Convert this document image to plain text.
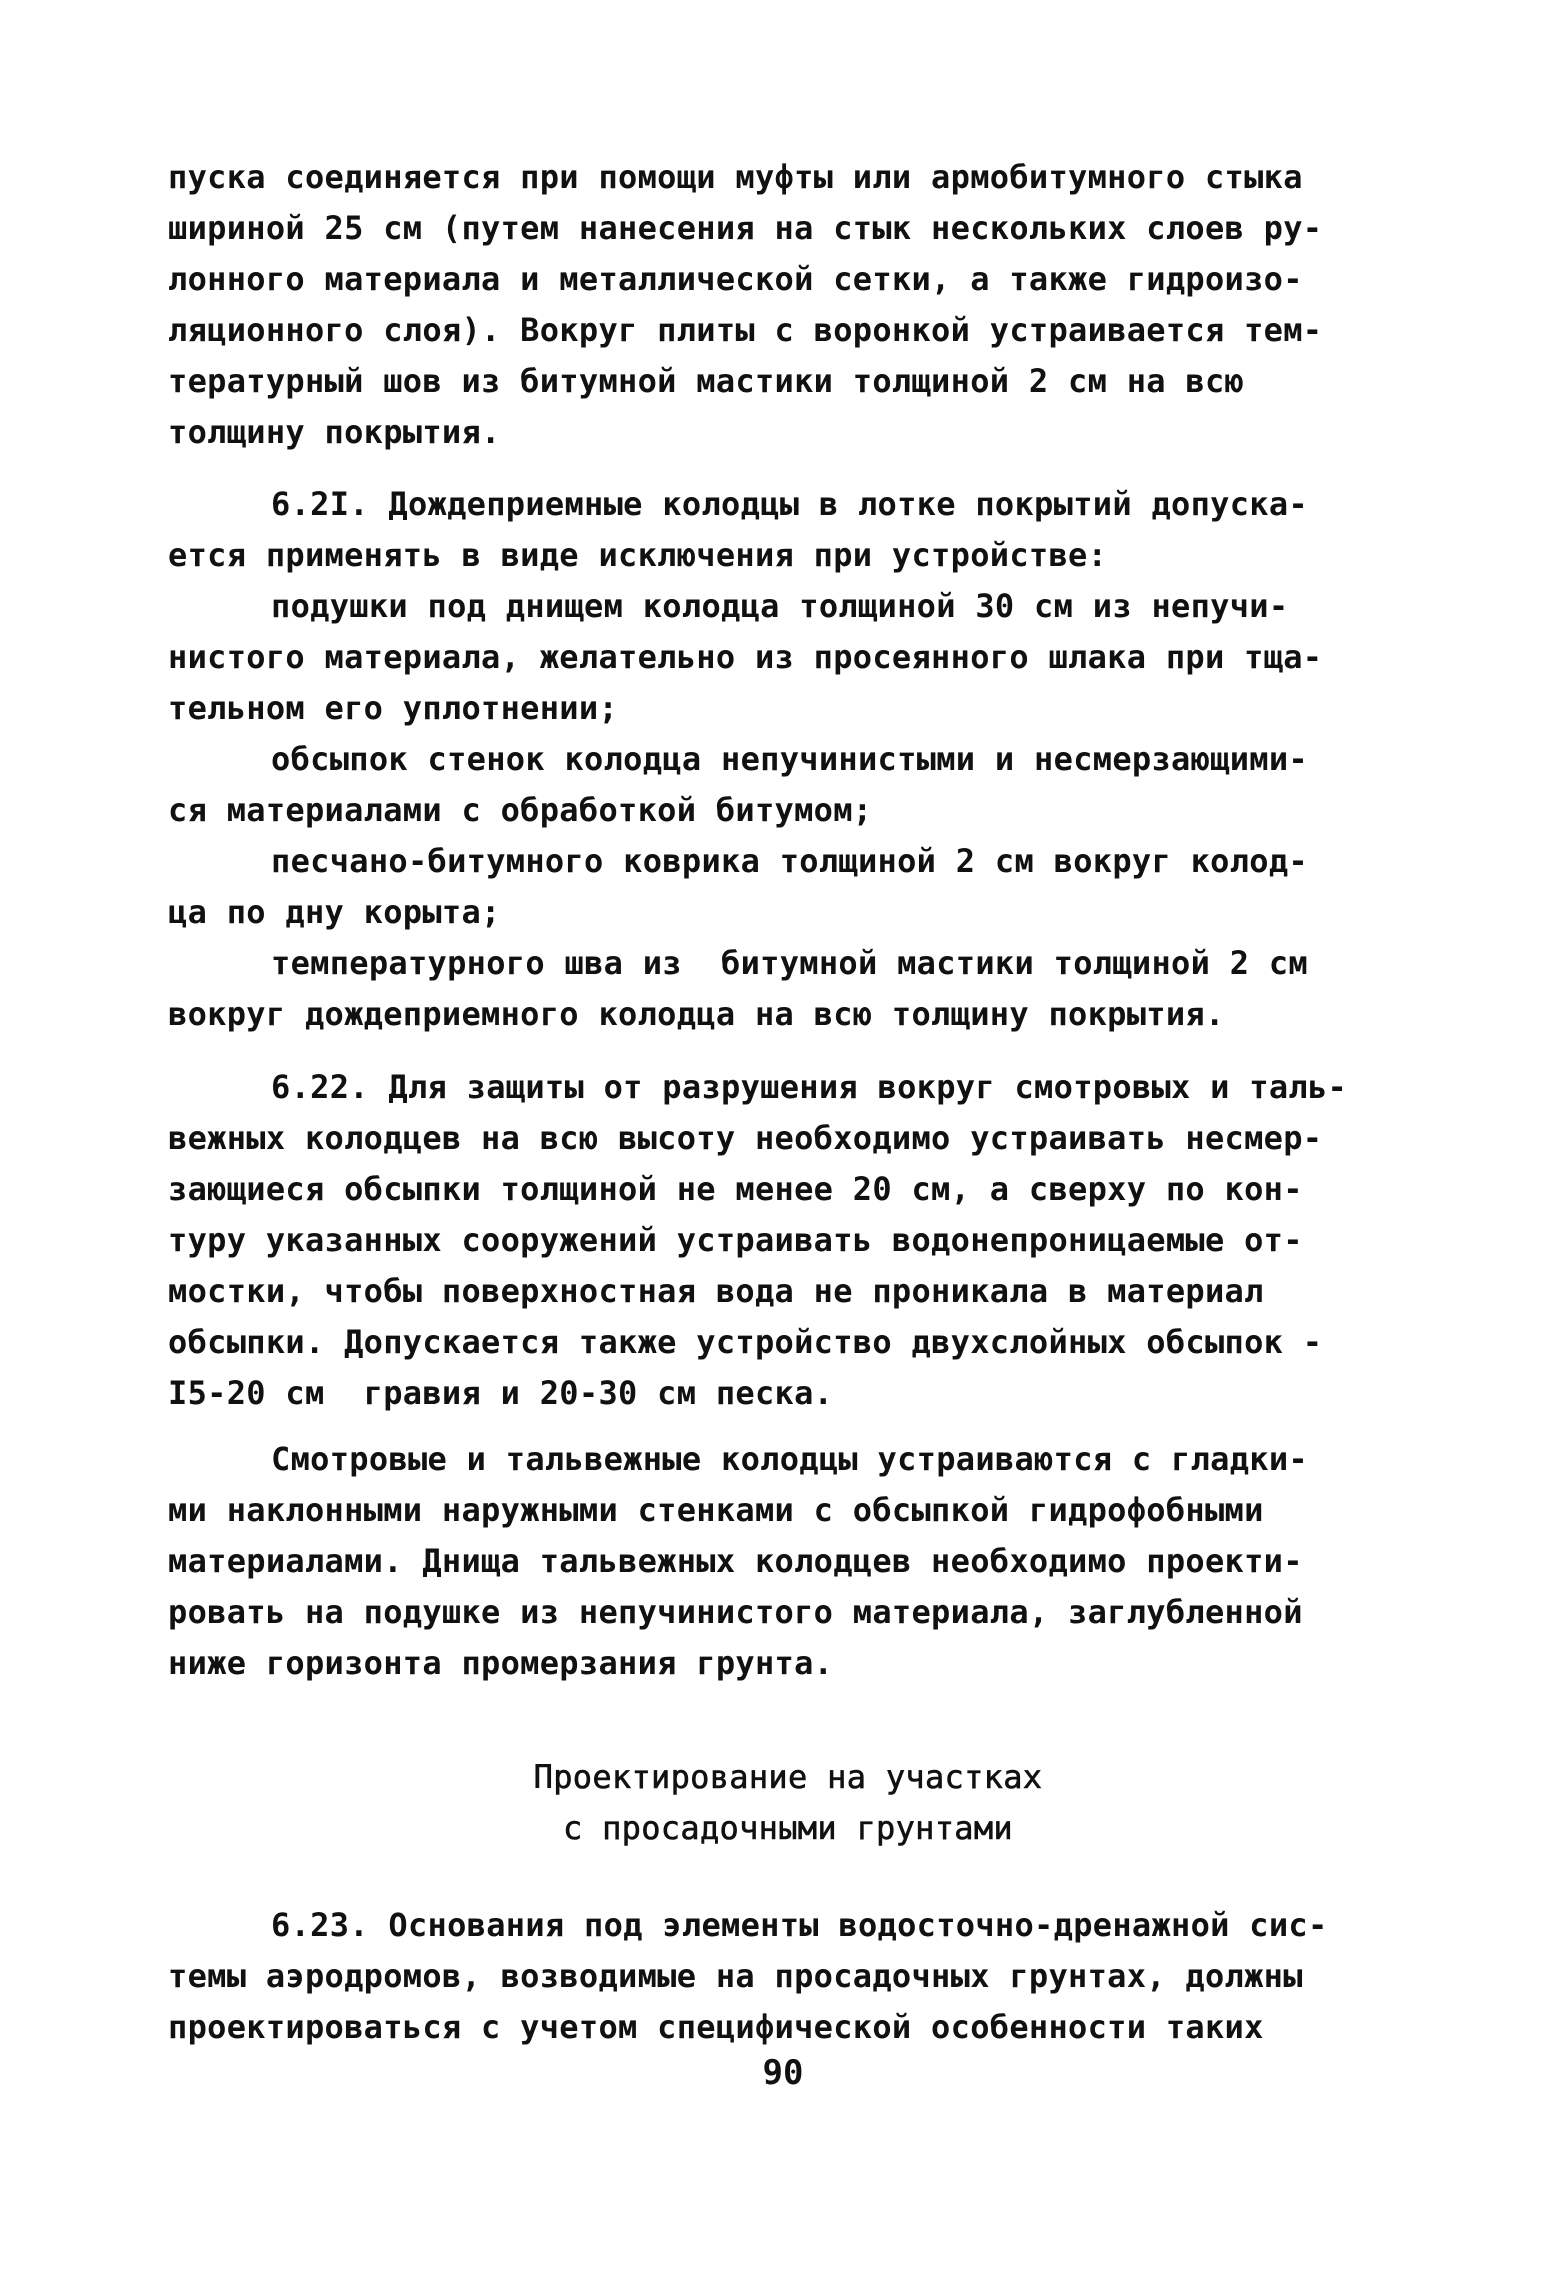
пуска соединяется при помощи муфты или армобитумного стыка
шириной 25 см (путем нанесения на стык нескольких слоев ру-
лонного материала и металлической сетки, а также гидроизо-
ляционного слоя). Вокруг плиты с воронкой устраивается тем-
тературный шов из битумной мастики толщиной 2 см на всю
толщину покрытия.
6.2I. Дождеприемные колодцы в лотке покрытий допуска-
ется применять в виде исключения при устройстве:
подушки под днищем колодца толщиной 30 см из непучи-
нистого материала, желательно из просеянного шлака при тща-
тельном его уплотнении;
обсыпок стенок колодца непучинистыми и несмерзающими-
ся материалами с обработкой битумом;
песчано-битумного коврика толщиной 2 см вокруг колод-
ца по дну корыта;
температурного шва из  битумной мастики толщиной 2 см
вокруг дождеприемного колодца на всю толщину покрытия.
6.22. Для защиты от разрушения вокруг смотровых и таль-
вежных колодцев на всю высоту необходимо устраивать несмер-
зающиеся обсыпки толщиной не менее 20 см, а сверху по кон-
туру указанных сооружений устраивать водонепроницаемые от-
мостки, чтобы поверхностная вода не проникала в материал
обсыпки. Допускается также устройство двухслойных обсыпок -
I5-20 см  гравия и 20-30 см песка.
Смотровые и тальвежные колодцы устраиваются с гладки-
ми наклонными наружными стенками с обсыпкой гидрофобными
материалами. Днища тальвежных колодцев необходимо проекти-
ровать на подушке из непучинистого материала, заглубленной
ниже горизонта промерзания грунта.
Проектирование на участках
с просадочными грунтами
6.23. Основания под элементы водосточно-дренажной сис-
темы аэродромов, возводимые на просадочных грунтах, должны
проектироваться с учетом специфической особенности таких
90
